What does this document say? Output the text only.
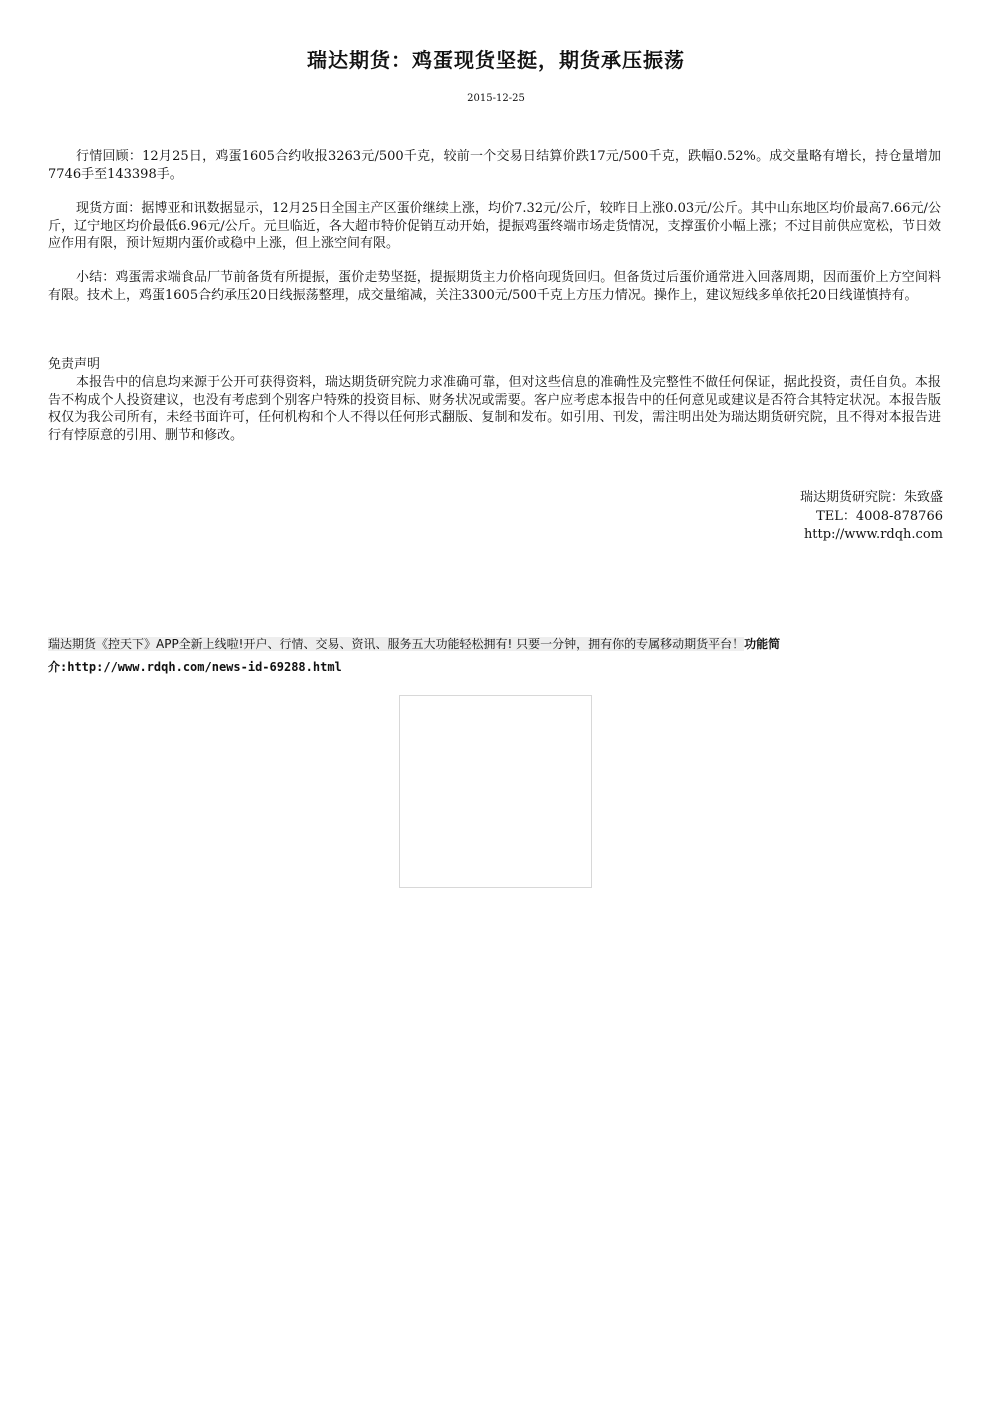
瑞达期货：鸡蛋现货坚挺，期货承压振荡
2015-12-25

行情回顾：12月25日，鸡蛋1605合约收报3263元/500千克，较前一个交易日结算价跌17元/500千克，跌幅0.52%。成交量略有增长，持仓量增加7746手至143398手。

现货方面：据博亚和讯数据显示，12月25日全国主产区蛋价继续上涨，均价7.32元/公斤，较昨日上涨0.03元/公斤。其中山东地区均价最高7.66元/公斤，辽宁地区均价最低6.96元/公斤。元旦临近，各大超市特价促销互动开始，提振鸡蛋终端市场走货情况，支撑蛋价小幅上涨；不过目前供应宽松，节日效应作用有限，预计短期内蛋价或稳中上涨，但上涨空间有限。

小结：鸡蛋需求端食品厂节前备货有所提振，蛋价走势坚挺，提振期货主力价格向现货回归。但备货过后蛋价通常进入回落周期，因而蛋价上方空间料有限。技术上，鸡蛋1605合约承压20日线振荡整理，成交量缩减，关注3300元/500千克上方压力情况。操作上，建议短线多单依托20日线谨慎持有。

免责声明

本报告中的信息均来源于公开可获得资料，瑞达期货研究院力求准确可靠，但对这些信息的准确性及完整性不做任何保证，据此投资，责任自负。本报告不构成个人投资建议，也没有考虑到个别客户特殊的投资目标、财务状况或需要。客户应考虑本报告中的任何意见或建议是否符合其特定状况。本报告版权仅为我公司所有，未经书面许可，任何机构和个人不得以任何形式翻版、复制和发布。如引用、刊发，需注明出处为瑞达期货研究院，且不得对本报告进行有悖原意的引用、删节和修改。

瑞达期货研究院：朱致盛
TEL：4008-878766
http://www.rdqh.com
瑞达期货《控天下》APP全新上线啦!开户、行情、交易、资讯、服务五大功能轻松拥有! 只要一分钟，拥有你的专属移动期货平台！功能简介:http://www.rdqh.com/news-id-69288.html
